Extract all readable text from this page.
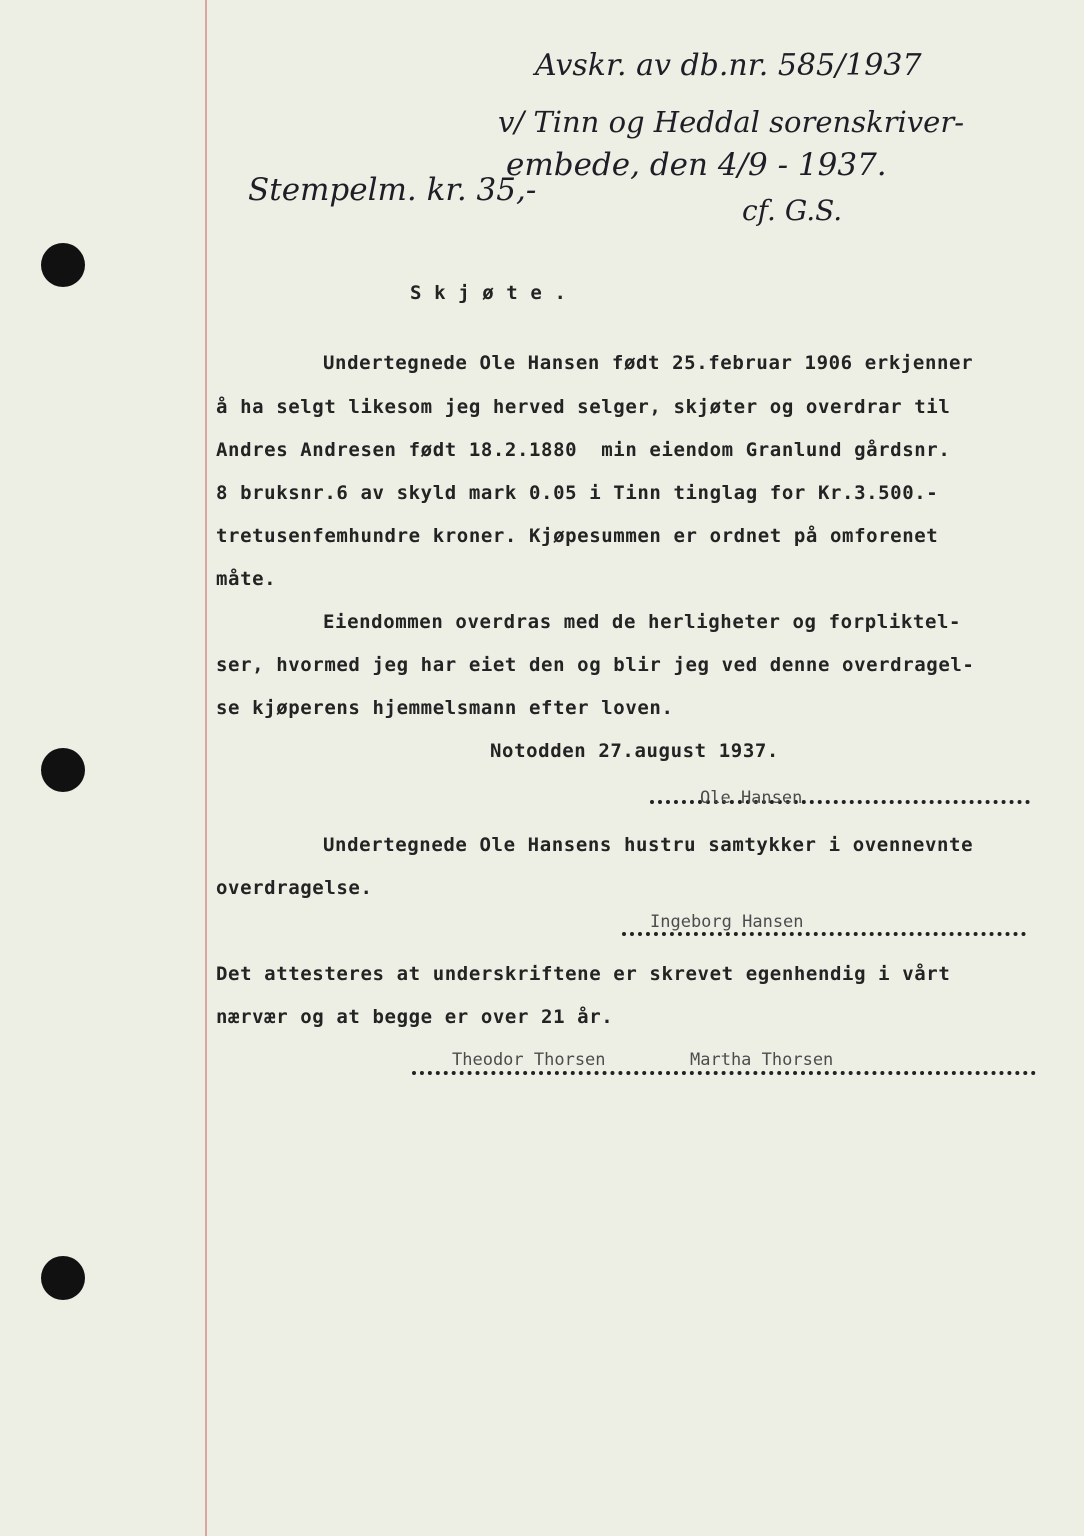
Avskr. av db.nr. 585/1937

v/ Tinn og Heddal sorenskriver-

embede, den 4/9 - 1937.

Stempelm. kr. 35,-

cf. G.S.

S k j ø t e .

Undertegnede Ole Hansen født 25.februar 1906 erkjenner

å ha selgt likesom jeg herved selger, skjøter og overdrar til

Andres Andresen født 18.2.1880  min eiendom Granlund gårdsnr.

8 bruksnr.6 av skyld mark 0.05 i Tinn tinglag for Kr.3.500.-

tretusenfemhundre kroner. Kjøpesummen er ordnet på omforenet

måte.

Eiendommen overdras med de herligheter og forpliktel-

ser, hvormed jeg har eiet den og blir jeg ved denne overdragel-

se kjøperens hjemmelsmann efter loven.

Notodden 27.august 1937.

Ole Hansen

Undertegnede Ole Hansens hustru samtykker i ovennevnte

overdragelse.

Ingeborg Hansen

Det attesteres at underskriftene er skrevet egenhendig i vårt

nærvær og at begge er over 21 år.

Theodor Thorsen	Martha Thorsen
